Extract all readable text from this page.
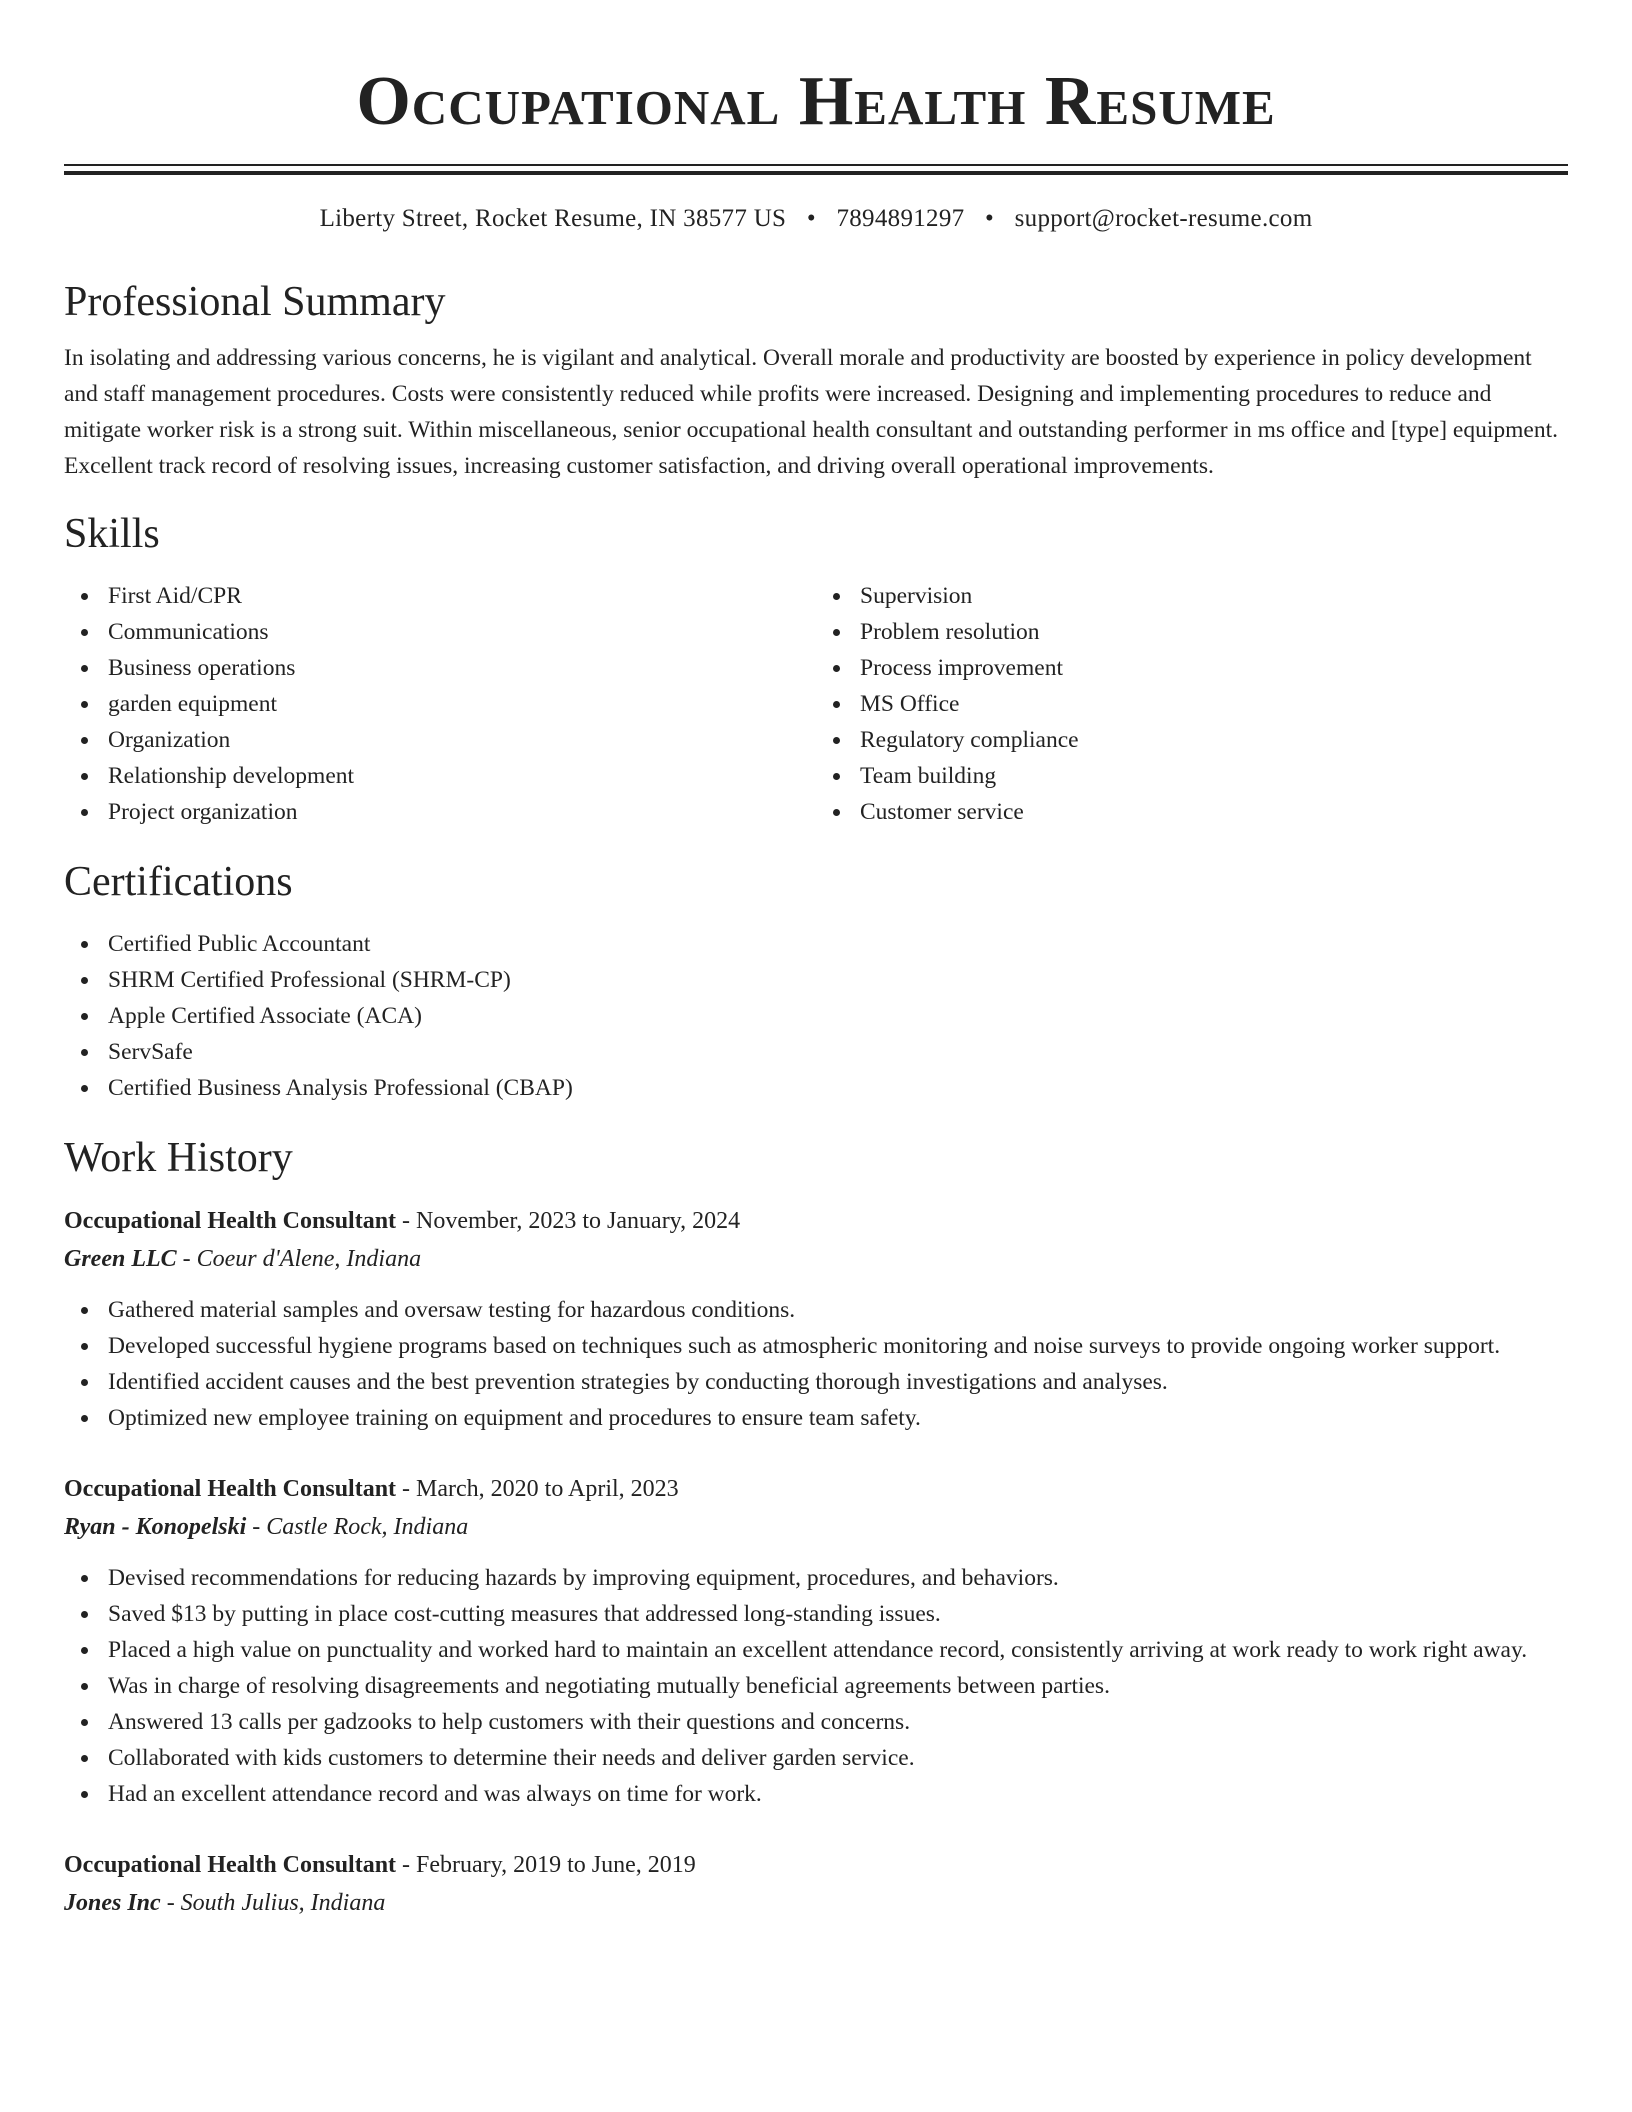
Occupational Health Resume
Liberty Street, Rocket Resume, IN 38577 US • 7894891297 • support@rocket-resume.com
Professional Summary
In isolating and addressing various concerns, he is vigilant and analytical. Overall morale and productivity are boosted by experience in policy development and staff management procedures. Costs were consistently reduced while profits were increased. Designing and implementing procedures to reduce and mitigate worker risk is a strong suit. Within miscellaneous, senior occupational health consultant and outstanding performer in ms office and [type] equipment. Excellent track record of resolving issues, increasing customer satisfaction, and driving overall operational improvements.
Skills
First Aid/CPR
Communications
Business operations
garden equipment
Organization
Relationship development
Project organization
Supervision
Problem resolution
Process improvement
MS Office
Regulatory compliance
Team building
Customer service
Certifications
Certified Public Accountant
SHRM Certified Professional (SHRM-CP)
Apple Certified Associate (ACA)
ServSafe
Certified Business Analysis Professional (CBAP)
Work History
Occupational Health Consultant - November, 2023 to January, 2024
Green LLC - Coeur d'Alene, Indiana
Gathered material samples and oversaw testing for hazardous conditions.
Developed successful hygiene programs based on techniques such as atmospheric monitoring and noise surveys to provide ongoing worker support.
Identified accident causes and the best prevention strategies by conducting thorough investigations and analyses.
Optimized new employee training on equipment and procedures to ensure team safety.
Occupational Health Consultant - March, 2020 to April, 2023
Ryan - Konopelski - Castle Rock, Indiana
Devised recommendations for reducing hazards by improving equipment, procedures, and behaviors.
Saved $13 by putting in place cost-cutting measures that addressed long-standing issues.
Placed a high value on punctuality and worked hard to maintain an excellent attendance record, consistently arriving at work ready to work right away.
Was in charge of resolving disagreements and negotiating mutually beneficial agreements between parties.
Answered 13 calls per gadzooks to help customers with their questions and concerns.
Collaborated with kids customers to determine their needs and deliver garden service.
Had an excellent attendance record and was always on time for work.
Occupational Health Consultant - February, 2019 to June, 2019
Jones Inc - South Julius, Indiana
